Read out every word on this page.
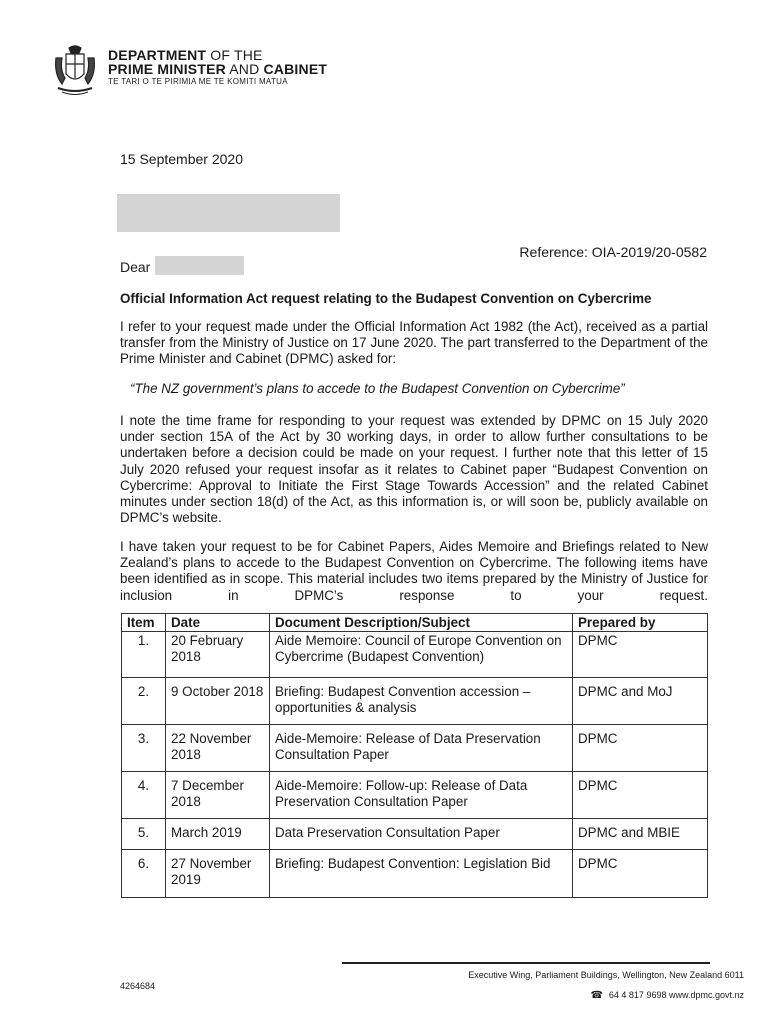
DEPARTMENT OF THE
PRIME MINISTER AND CABINET
TE TARI O TE PIRIMIA ME TE KOMITI MATUA
15 September 2020
Reference: OIA-2019/20-0582
Dear
Official Information Act request relating to the Budapest Convention on Cybercrime
I refer to your request made under the Official Information Act 1982 (the Act), received as a partial transfer from the Ministry of Justice on 17 June 2020. The part transferred to the Department of the Prime Minister and Cabinet (DPMC) asked for:
“The NZ government’s plans to accede to the Budapest Convention on Cybercrime”
I note the time frame for responding to your request was extended by DPMC on 15 July 2020 under section 15A of the Act by 30 working days, in order to allow further consultations to be undertaken before a decision could be made on your request. I further note that this letter of 15 July 2020 refused your request insofar as it relates to Cabinet paper “Budapest Convention on Cybercrime: Approval to Initiate the First Stage Towards Accession” and the related Cabinet minutes under section 18(d) of the Act, as this information is, or will soon be, publicly available on DPMC’s website.
I have taken your request to be for Cabinet Papers, Aides Memoire and Briefings related to New Zealand’s plans to accede to the Budapest Convention on Cybercrime. The following items have been identified as in scope. This material includes two items prepared by the Ministry of Justice for inclusion in DPMC’s response to your request.
Item	Date	Document Description/Subject	Prepared by
1.	20 February 2018	Aide Memoire: Council of Europe Convention on Cybercrime (Budapest Convention)	DPMC
2.	9 October 2018	Briefing: Budapest Convention accession – opportunities & analysis	DPMC and MoJ
3.	22 November 2018	Aide-Memoire: Release of Data Preservation Consultation Paper	DPMC
4.	7 December 2018	Aide-Memoire: Follow-up: Release of Data Preservation Consultation Paper	DPMC
5.	March 2019	Data Preservation Consultation Paper	DPMC and MBIE
6.	27 November 2019	Briefing: Budapest Convention: Legislation Bid	DPMC
4264684
Executive Wing, Parliament Buildings, Wellington, New Zealand 6011
☎ 64 4 817 9698 www.dpmc.govt.nz
